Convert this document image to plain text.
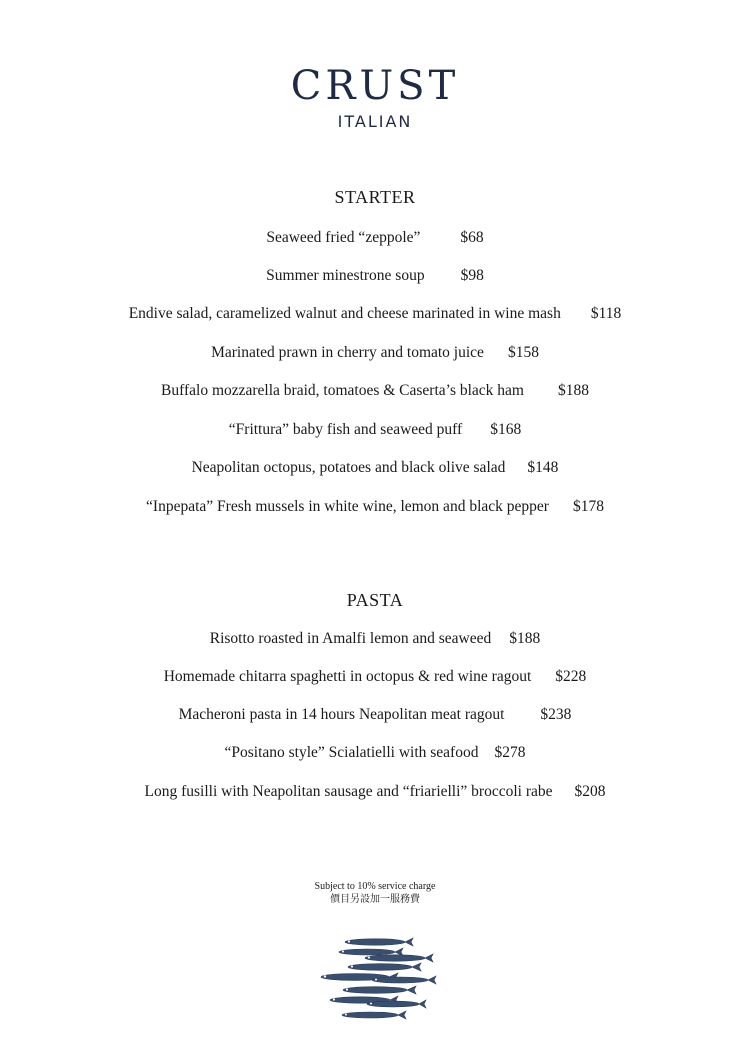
CRUST
ITALIAN
STARTER
Seaweed fried “zeppole”	$68
Summer minestrone soup $98
Endive salad, caramelized walnut and cheese marinated in wine mash $118
Marinated prawn in cherry and tomato juice $158
Buffalo mozzarella braid, tomatoes & Caserta’s black ham $188
“Frittura” baby fish and seaweed puff $168
Neapolitan octopus, potatoes and black olive salad $148
“Inpepata” Fresh mussels in white wine, lemon and black pepper $178
PASTA
Risotto roasted in Amalfi lemon and seaweed $188
Homemade chitarra spaghetti in octopus & red wine ragout $228
Macheroni pasta in 14 hours Neapolitan meat ragout $238
“Positano style” Scialatielli with seafood $278
Long fusilli with Neapolitan sausage and “friarielli” broccoli rabe $208
Subject to 10% service charge
價目另設加一服務費
